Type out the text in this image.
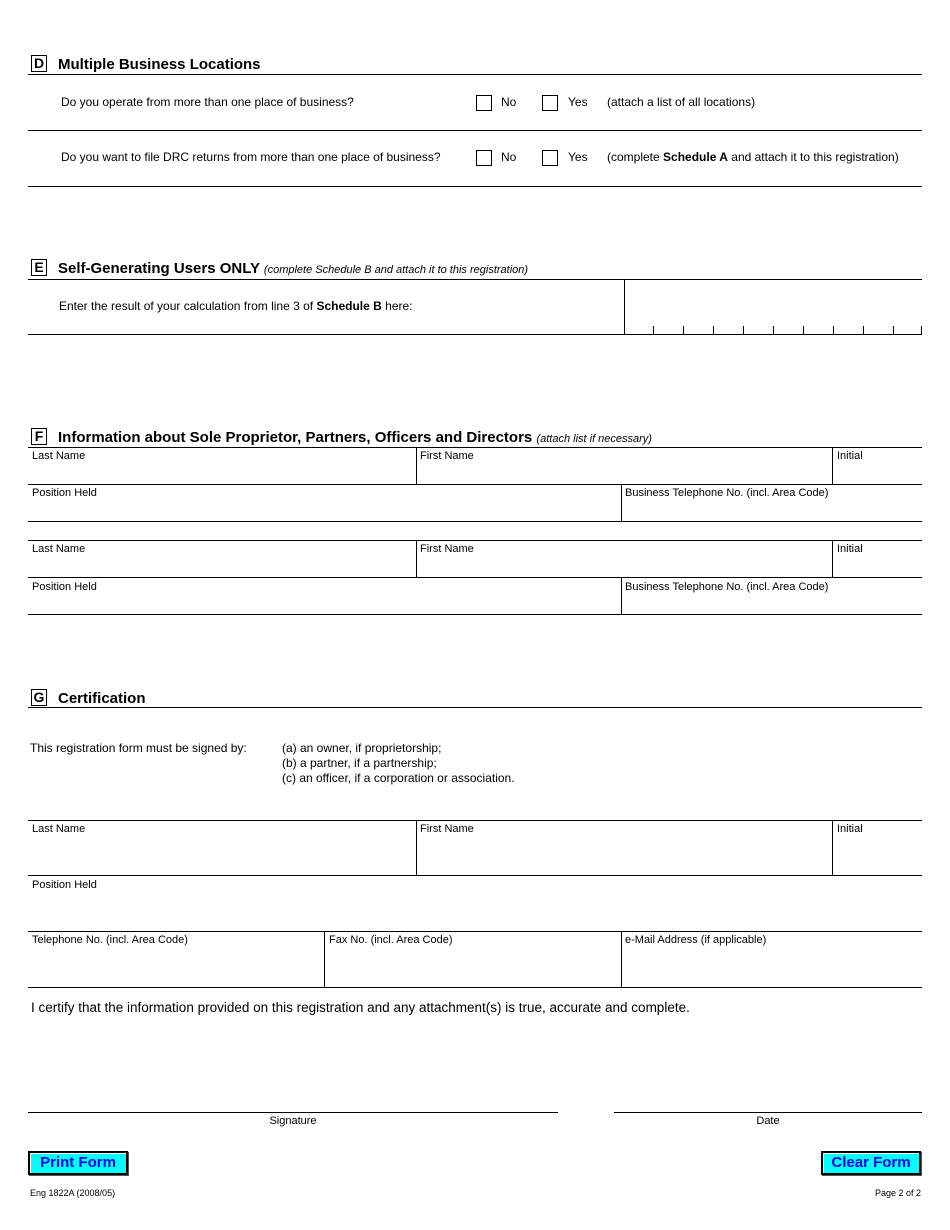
D Multiple Business Locations
Do you operate from more than one place of business?	No	Yes (attach a list of all locations)
Do you want to file DRC returns from more than one place of business?	No	Yes (complete Schedule A and attach it to this registration)
E Self-Generating Users ONLY (complete Schedule B and attach it to this registration)
Enter the result of your calculation from line 3 of Schedule B here:
F Information about Sole Proprietor, Partners, Officers and Directors (attach list if necessary)
Last Name	First Name	Initial
Position Held	Business Telephone No. (incl. Area Code)
Last Name	First Name	Initial
Position Held	Business Telephone No. (incl. Area Code)
G Certification
This registration form must be signed by:	(a) an owner, if proprietorship;
(b) a partner, if a partnership;
(c) an officer, if a corporation or association.
Last Name	First Name	Initial
Position Held
Telephone No. (incl. Area Code)	Fax No. (incl. Area Code)	e-Mail Address (if applicable)
I certify that the information provided on this registration and any attachment(s) is true, accurate and complete.
Signature	Date
Print Form	Clear Form
Eng 1822A (2008/05)	Page 2 of 2
